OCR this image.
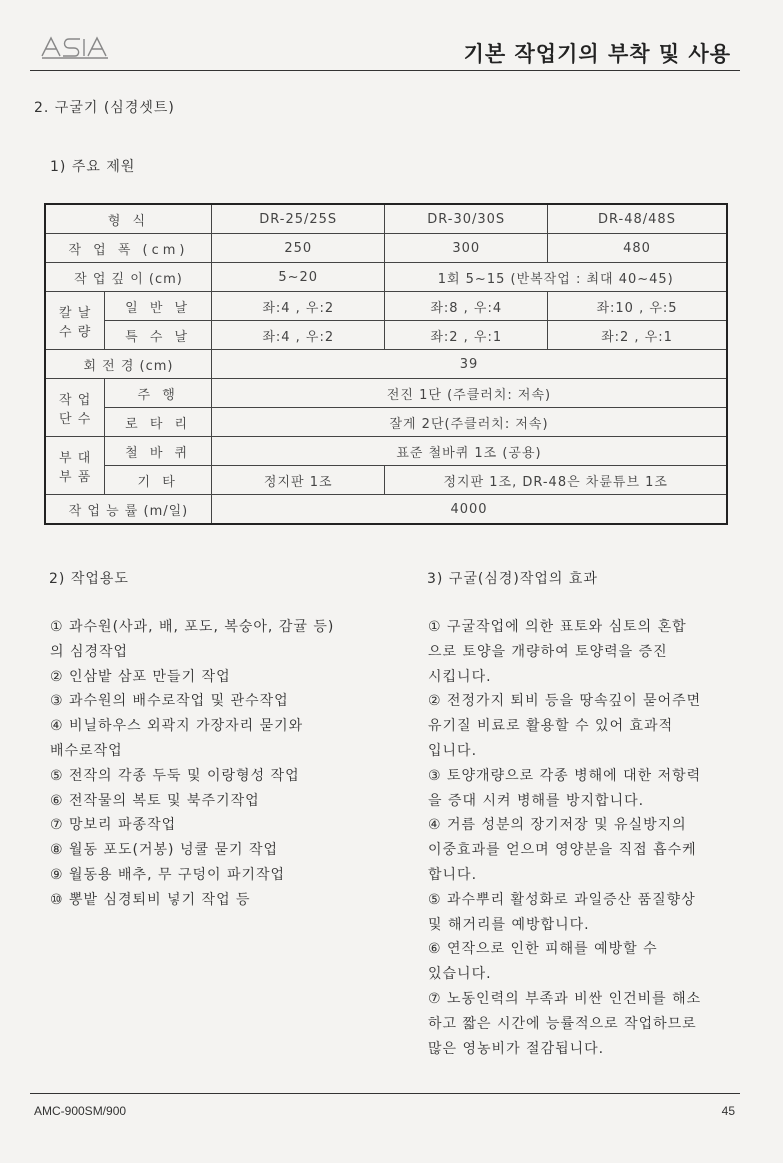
기본 작업기의 부착 및 사용
2. 구굴기 (심경셋트)
1) 주요 제원
형 식		DR-25/25S	DR-30/30S	DR-48/48S
작 업 폭 (cm)		250	300	480
작 업 깊 이 (cm)		5~20	1회 5~15 (반복작업 : 최대 40~45)	

칼 날
수 량	일 반 날	좌:4 , 우:2	좌:8 , 우:4	좌:10 , 우:5
	특 수 날	좌:4 , 우:2	좌:2 , 우:1	좌:2 , 우:1
회 전 경 (cm)		39		

작 업
단 수	주 행	전진 1단 (주클러치: 저속)		
	로 타 리	잘게 2단(주클러치: 저속)		

부 대
부 품	철 바 퀴	표준 철바퀴 1조 (공용)		
	기 타	정지판 1조	정지판 1조, DR-48은 차륜튜브 1조	
작 업 능 률 (m/일)		4000		
2) 작업용도
① 과수원(사과, 배, 포도, 복숭아, 감귤 등)
의 심경작업
② 인삼밭 삼포 만들기 작업
③ 과수원의 배수로작업 및 관수작업
④ 비닐하우스 외곽지 가장자리 묻기와
배수로작업
⑤ 전작의 각종 두둑 및 이랑형성 작업
⑥ 전작물의 복토 및 북주기작업
⑦ 망보리 파종작업
⑧ 월동 포도(거봉) 넝쿨 묻기 작업
⑨ 월동용 배추, 무 구덩이 파기작업
⑩ 뽕밭 심경퇴비 넣기 작업 등
3) 구굴(심경)작업의 효과
① 구굴작업에 의한 표토와 심토의 혼합
으로 토양을 개량하여 토양력을 증진
시킵니다.
② 전정가지 퇴비 등을 땅속깊이 묻어주면
유기질 비료로 활용할 수 있어 효과적
입니다.
③ 토양개량으로 각종 병해에 대한 저항력
을 증대 시켜 병해를 방지합니다.
④ 거름 성분의 장기저장 및 유실방지의
이중효과를 얻으며 영양분을 직접 흡수케
합니다.
⑤ 과수뿌리 활성화로 과일증산 품질향상
및 해거리를 예방합니다.
⑥ 연작으로 인한 피해를 예방할 수
있습니다.
⑦ 노동인력의 부족과 비싼 인건비를 해소
하고 짧은 시간에 능률적으로 작업하므로
많은 영농비가 절감됩니다.
AMC-900SM/900	45
